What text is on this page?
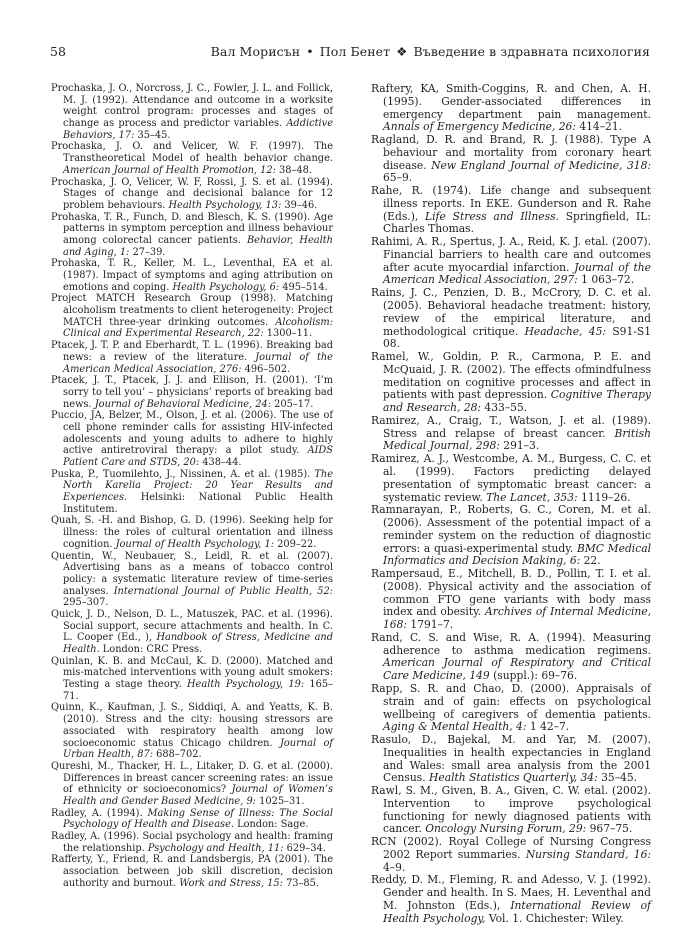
58	Вал Морисън • Пол Бенет ❖ Въведение в здравната психология

Prochaska, J. O., Norcross, J. C., Fowler, J. L. and Follick, M. J. (1992). Attendance and outcome in a worksite weight control program: processes and stages of change as process and predictor variables. Addictive Behaviors, 17: 35–45.

Prochaska, J. O. and Velicer, W. F. (1997). The Transtheoretical Model of health behavior change. American Journal of Health Promotion, 12: 38–48.

Prochaska, J. O, Velicer, W. F, Rossi, J. S. et al. (1994). Stages of change and decisional balance for 12 problem behaviours. Health Psychology, 13: 39–46.

Prohaska, T. R., Funch, D. and Blesch, K. S. (1990). Age patterns in symptom perception and illness behaviour among colorectal cancer patients. Behavior, Health and Aging, 1: 27–39.

Prohaska, T. R., Keller, M. L., Leventhal, EA et al. (1987). Impact of symptoms and aging attribution on emotions and coping. Health Psychology, 6: 495–514.

Project MATCH Research Group (1998). Matching alcoholism treatments to client heterogeneity: Project MATCH three-year drinking outcomes. Alcoholism: Clinical and Experimental Research, 22: 1300–11.

Ptacek, J. T. P. and Eberhardt, T. L. (1996). Breaking bad news: a review of the literature. Journal of the American Medical Association, 276: 496–502.

Ptacek, J. T., Ptacek, J. J. and Ellison, H. (2001). ‘I’m sorry to tell you’ – physicians’ reports of breaking bad news. Journal of Behavioral Medicine, 24: 205–17.

Puccio, JA, Belzer, M., Olson, J. et al. (2006). The use of cell phone reminder calls for assisting HIV-infected adolescents and young adults to adhere to highly active antiretroviral therapy: a pilot study. AIDS Patient Care and STDS, 20: 438–44.

Puska, P., Tuomilehto, J., Nissinen, A. et al. (1985). The North Karelia Project: 20 Year Results and Experiences. Helsinki: National Public Health Institutem.

Quah, S. -H. and Bishop, G. D. (1996). Seeking help for illness: the roles of cultural orientation and illness cognition. Journal of Health Psychology, 1: 209–22.

Quentin, W., Neubauer, S., Leidl, R. et al. (2007). Advertising bans as a means of tobacco control policy: a systematic literature review of time-series analyses. International Journal of Public Health, 52: 295–307.

Quick, J. D., Nelson, D. L., Matuszek, PAC. et al. (1996). Social support, secure attachments and health. In C. L. Cooper (Ed., ), Handbook of Stress, Medicine and Health. London: CRC Press.

Quinlan, K. B. and McCaul, K. D. (2000). Matched and mis-matched interventions with young adult smokers: Testing a stage theory. Health Psychology, 19: 165–71.

Quinn, K., Kaufman, J. S., Siddiqi, A. and Yeatts, K. B. (2010). Stress and the city: housing stressors are associated with respiratory health among low socioeconomic status Chicago children. Journal of Urban Health, 87: 688–702.

Qureshi, M., Thacker, H. L., Litaker, D. G. et al. (2000). Differences in breast cancer screening rates: an issue of ethnicity or socioeconomics? Journal of Women’s Health and Gender Based Medicine, 9: 1025–31.

Radley, A. (1994). Making Sense of Illness: The Social Psychology of Health and Disease. London: Sage.

Radley, A. (1996). Social psychology and health: framing the relationship. Psychology and Health, 11: 629–34.

Rafferty, Y., Friend, R. and Landsbergis, PA (2001). The association between job skill discretion, decision authority and burnout. Work and Stress, 15: 73–85.

Raftery, KA, Smith-Coggins, R. and Chen, A. H. (1995). Gender-associated differences in emergency department pain management. Annals of Emergency Medicine, 26: 414–21.

Ragland, D. R. and Brand, R. J. (1988). Type A behaviour and mortality from coronary heart disease. New England Journal of Medicine, 318: 65–9.

Rahe, R. (1974). Life change and subsequent illness reports. In EKE. Gunderson and R. Rahe (Eds.), Life Stress and Illness. Springfield, IL: Charles Thomas.

Rahimi, A. R., Spertus, J. A., Reid, K. J. etal. (2007). Financial barriers to health care and outcomes after acute myocardial infarction. Journal of the American Medical Association, 297: 1 063–72.

Rains, J. C., Penzien, D. B., McCrory, D. C. et al. (2005). Behavioral headache treatment: history, review of the empirical literature, and methodological critique. Headache, 45: S91-S1 08.

Ramel, W., Goldin, P. R., Carmona, P. E. and McQuaid, J. R. (2002). The effects ofmindfulness meditation on cognitive processes and affect in patients with past depression. Cognitive Therapy and Research, 28: 433–55.

Ramirez, A., Craig, T., Watson, J. et al. (1989). Stress and relapse of breast cancer. British Medical Journal, 298: 291–3.

Ramirez, A. J., Westcombe, A. M., Burgess, C. C. et al. (1999). Factors predicting delayed presentation of symptomatic breast cancer: a systematic review. The Lancet, 353: 1119–26.

Ramnarayan, P., Roberts, G. C., Coren, M. et al. (2006). Assessment of the potential impact of a reminder system on the reduction of diagnostic errors: a quasi-experimental study. BMC Medical Informatics and Decision Making, 6: 22.

Rampersaud, E., Mitchell, B. D., Pollin, T. I. et al. (2008). Physical activity and the association of common FTO gene variants with body mass index and obesity. Archives of Internal Medicine, 168: 1791–7.

Rand, C. S. and Wise, R. A. (1994). Measuring adherence to asthma medication regimens. American Journal of Respiratory and Critical Care Medicine, 149 (suppl.): 69–76.

Rapp, S. R. and Chao, D. (2000). Appraisals of strain and of gain: effects on psychological wellbeing of caregivers of dementia patients. Aging & Mental Health, 4: 1 42–7.

Rasulo, D., Bajekal, M. and Yar, M. (2007). Inequalities in health expectancies in England and Wales: small area analysis from the 2001 Census. Health Statistics Quarterly, 34: 35–45.

Rawl, S. M., Given, B. A., Given, C. W. etal. (2002). Intervention to improve psychological functioning for newly diagnosed patients with cancer. Oncology Nursing Forum, 29: 967–75.

RCN (2002). Royal College of Nursing Congress 2002 Report summaries. Nursing Standard, 16: 4–9.

Reddy, D. M., Fleming, R. and Adesso, V. J. (1992). Gender and health. In S. Maes, H. Leventhal and M. Johnston (Eds.), International Review of Health Psychology, Vol. 1. Chichester: Wiley.
